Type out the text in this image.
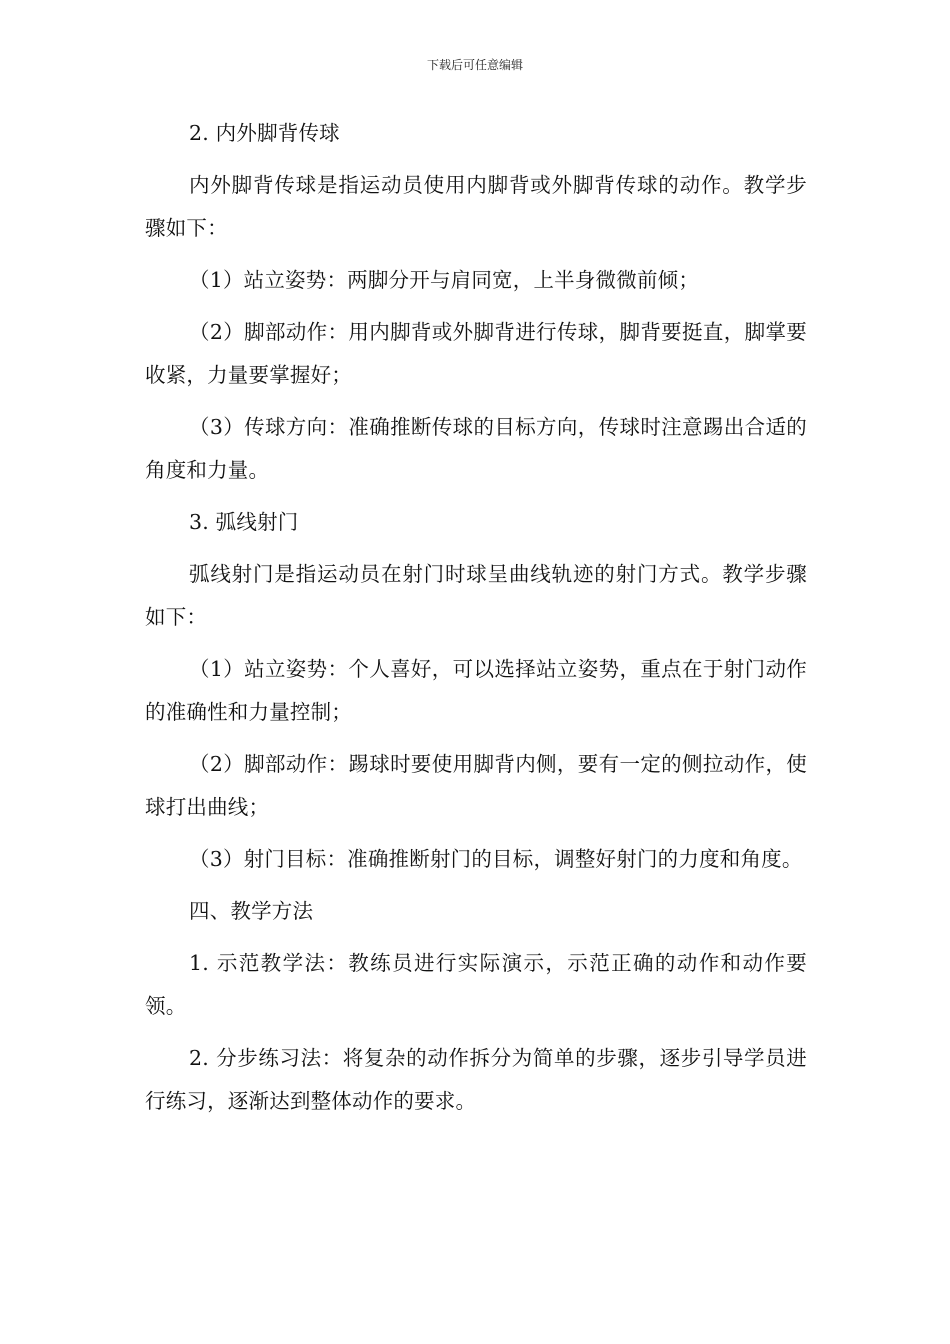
下载后可任意编辑

2. 内外脚背传球

内外脚背传球是指运动员使用内脚背或外脚背传球的动作。教学步骤如下：

（1）站立姿势：两脚分开与肩同宽，上半身微微前倾；

（2）脚部动作：用内脚背或外脚背进行传球，脚背要挺直，脚掌要收紧，力量要掌握好；

（3）传球方向：准确推断传球的目标方向，传球时注意踢出合适的角度和力量。

3. 弧线射门

弧线射门是指运动员在射门时球呈曲线轨迹的射门方式。教学步骤如下：

（1）站立姿势：个人喜好，可以选择站立姿势，重点在于射门动作的准确性和力量控制；

（2）脚部动作：踢球时要使用脚背内侧，要有一定的侧拉动作，使球打出曲线；

（3）射门目标：准确推断射门的目标，调整好射门的力度和角度。

四、教学方法

1. 示范教学法：教练员进行实际演示，示范正确的动作和动作要领。

2. 分步练习法：将复杂的动作拆分为简单的步骤，逐步引导学员进行练习，逐渐达到整体动作的要求。
